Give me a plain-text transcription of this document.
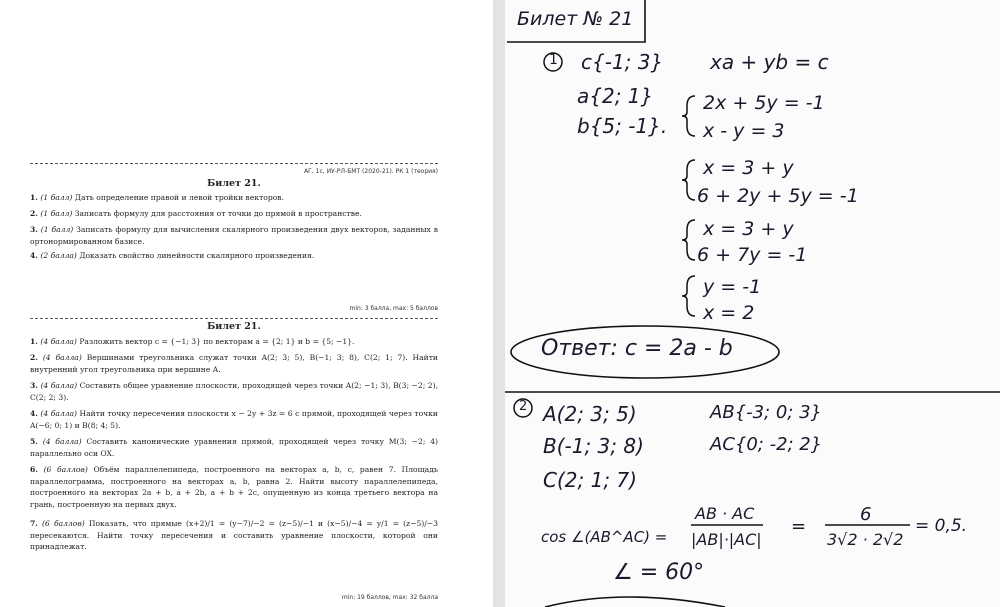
АГ, 1с, ИУ-РЛ-БМТ (2020-21). РК 1 (теория)
Билет 21.
1. (1 балл) Дать определение правой и левой тройки векторов.
2. (1 балл) Записать формулу для расстояния от точки до прямой в пространстве.
3. (1 балл) Записать формулу для вычисления скалярного произведения двух векторов, заданных в ортонормированном базисе.
4. (2 балла) Доказать свойство линейности скалярного произведения.
min: 3 балла, max: 5 баллов
Билет 21.
1. (4 балла) Разложить вектор c = {−1; 3} по векторам a = {2; 1} и b = {5; −1}.
2. (4 балла) Вершинами треугольника служат точки A(2; 3; 5), B(−1; 3; 8), C(2; 1; 7). Найти внутренний угол треугольника при вершине A.
3. (4 балла) Составить общее уравнение плоскости, проходящей через точки A(2; −1; 3), B(3; −2; 2), C(2; 2; 3).
4. (4 балла) Найти точку пересечения плоскости x − 2y + 3z = 6 с прямой, проходящей через точки A(−6; 0; 1) и B(8; 4; 5).
5. (4 балла) Составить канонические уравнения прямой, проходящей через точку M(3; −2; 4) параллельно оси OX.
6. (6 баллов) Объём параллелепипеда, построенного на векторах a, b, c, равен 7. Площадь параллелограмма, построенного на векторах a, b, равна 2. Найти высоту параллелепипеда, построенного на векторах 2a + b, a + 2b, a + b + 2c, опущенную из конца третьего вектора на грань, построенную на первых двух.
7. (6 баллов) Показать, что прямые (x+2)/1 = (y−7)/−2 = (z−5)/−1 и (x−5)/−4 = y/1 = (z−5)/−3 пересекаются. Найти точку пересечения и составить уравнение плоскости, которой они принадлежат.
min: 19 баллов, max: 32 балла
Билет № 21
1 c{-1; 3} xa + yb = c
a{2; 1}
b{5; -1}.
2x + 5y = -1
x - y = 3
x = 3 + y
6 + 2y + 5y = -1
x = 3 + y
6 + 7y = -1
y = -1
x = 2
Ответ: c = 2a - b
2 A(2; 3; 5)	AB{-3; 0; 3}
B(-1; 3; 8)	AC{0; -2; 2}
C(2; 1; 7)
cos ∠(AB^AC) =
AB · AC
|AB|·|AC|
=
6
3√2 · 2√2
= 0,5.
∠ = 60°
